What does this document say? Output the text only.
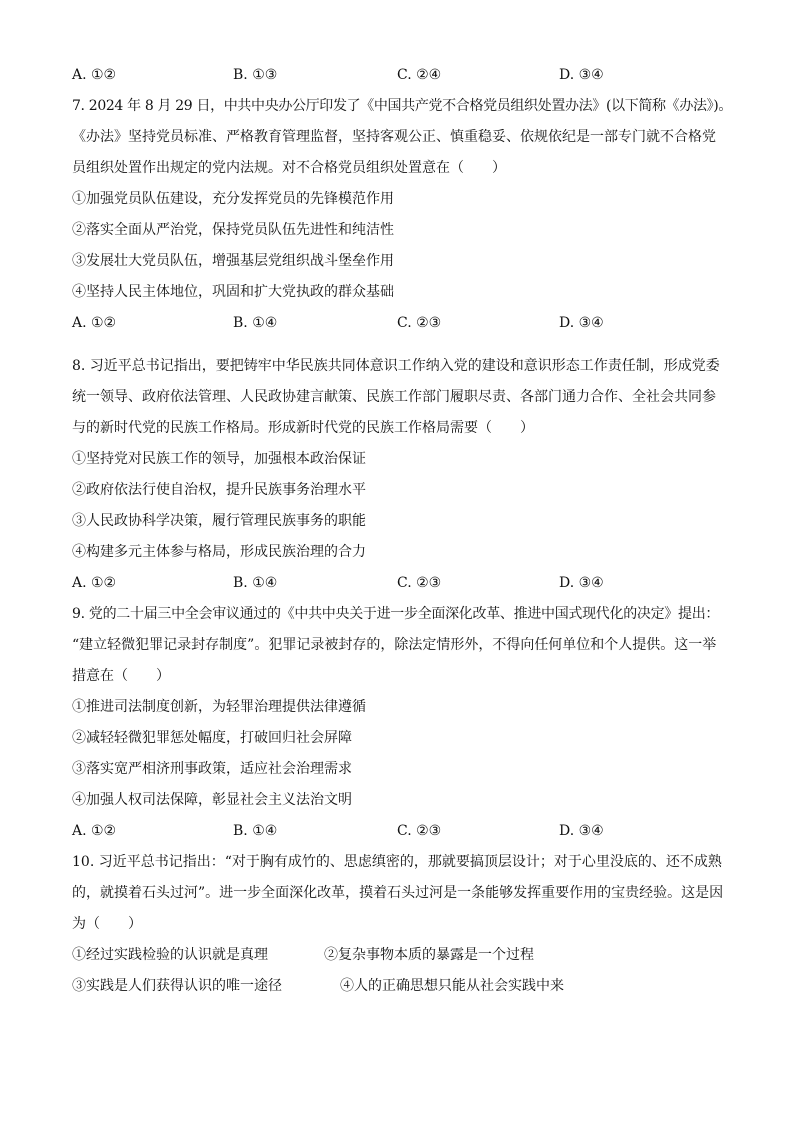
A. ①②	B. ①③	C. ②④	D. ③④
7. 2024 年 8 月 29 日，中共中央办公厅印发了《中国共产党不合格党员组织处置办法》(以下简称《办法》)。
《办法》坚持党员标准、严格教育管理监督，坚持客观公正、慎重稳妥、依规依纪是一部专门就不合格党
员组织处置作出规定的党内法规。对不合格党员组织处置意在（　　）
①加强党员队伍建设，充分发挥党员的先锋模范作用
②落实全面从严治党，保持党员队伍先进性和纯洁性
③发展壮大党员队伍，增强基层党组织战斗堡垒作用
④坚持人民主体地位，巩固和扩大党执政的群众基础
A. ①②	B. ①④	C. ②③	D. ③④
8. 习近平总书记指出，要把铸牢中华民族共同体意识工作纳入党的建设和意识形态工作责任制，形成党委
统一领导、政府依法管理、人民政协建言献策、民族工作部门履职尽责、各部门通力合作、全社会共同参
与的新时代党的民族工作格局。形成新时代党的民族工作格局需要（　　）
①坚持党对民族工作的领导，加强根本政治保证
②政府依法行使自治权，提升民族事务治理水平
③人民政协科学决策，履行管理民族事务的职能
④构建多元主体参与格局，形成民族治理的合力
A. ①②	B. ①④	C. ②③	D. ③④
9. 党的二十届三中全会审议通过的《中共中央关于进一步全面深化改革、推进中国式现代化的决定》提出：
“建立轻微犯罪记录封存制度”。犯罪记录被封存的，除法定情形外，不得向任何单位和个人提供。这一举
措意在（　　）
①推进司法制度创新，为轻罪治理提供法律遵循
②减轻轻微犯罪惩处幅度，打破回归社会屏障
③落实宽严相济刑事政策，适应社会治理需求
④加强人权司法保障，彰显社会主义法治文明
A. ①②	B. ①④	C. ②③	D. ③④
10. 习近平总书记指出：“对于胸有成竹的、思虑缜密的，那就要搞顶层设计；对于心里没底的、还不成熟
的，就摸着石头过河”。进一步全面深化改革，摸着石头过河是一条能够发挥重要作用的宝贵经验。这是因
为（　　）
①经过实践检验的认识就是真理	②复杂事物本质的暴露是一个过程
③实践是人们获得认识的唯一途径	④人的正确思想只能从社会实践中来
